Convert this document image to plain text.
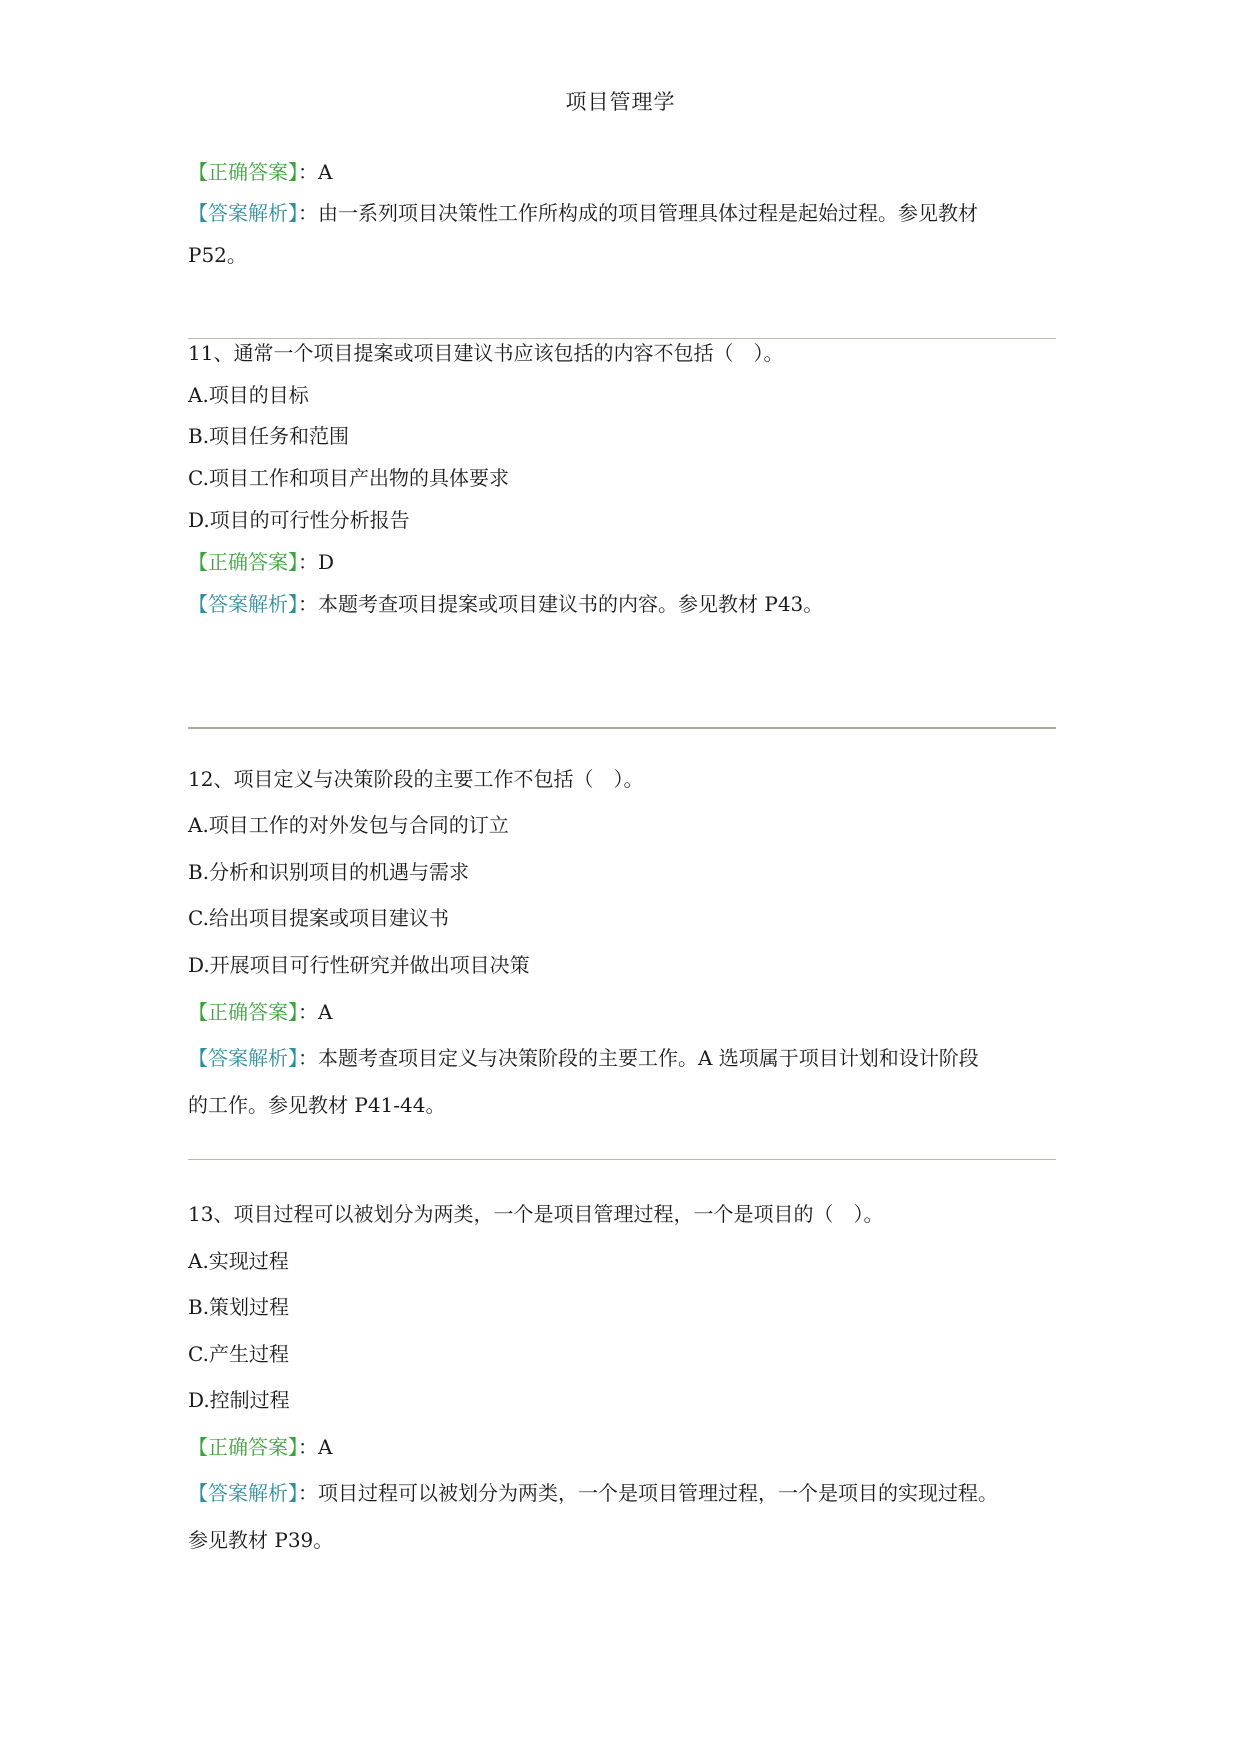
项目管理学
【正确答案】：A
【答案解析】：由一系列项目决策性工作所构成的项目管理具体过程是起始过程。参见教材
P52。
11、通常一个项目提案或项目建议书应该包括的内容不包括（　）。
A.项目的目标
B.项目任务和范围
C.项目工作和项目产出物的具体要求
D.项目的可行性分析报告
【正确答案】：D
【答案解析】：本题考查项目提案或项目建议书的内容。参见教材 P43。
12、项目定义与决策阶段的主要工作不包括（　）。
A.项目工作的对外发包与合同的订立
B.分析和识别项目的机遇与需求
C.给出项目提案或项目建议书
D.开展项目可行性研究并做出项目决策
【正确答案】：A
【答案解析】：本题考查项目定义与决策阶段的主要工作。A 选项属于项目计划和设计阶段
的工作。参见教材 P41-44。
13、项目过程可以被划分为两类，一个是项目管理过程，一个是项目的（　）。
A.实现过程
B.策划过程
C.产生过程
D.控制过程
【正确答案】：A
【答案解析】：项目过程可以被划分为两类，一个是项目管理过程，一个是项目的实现过程。
参见教材 P39。
